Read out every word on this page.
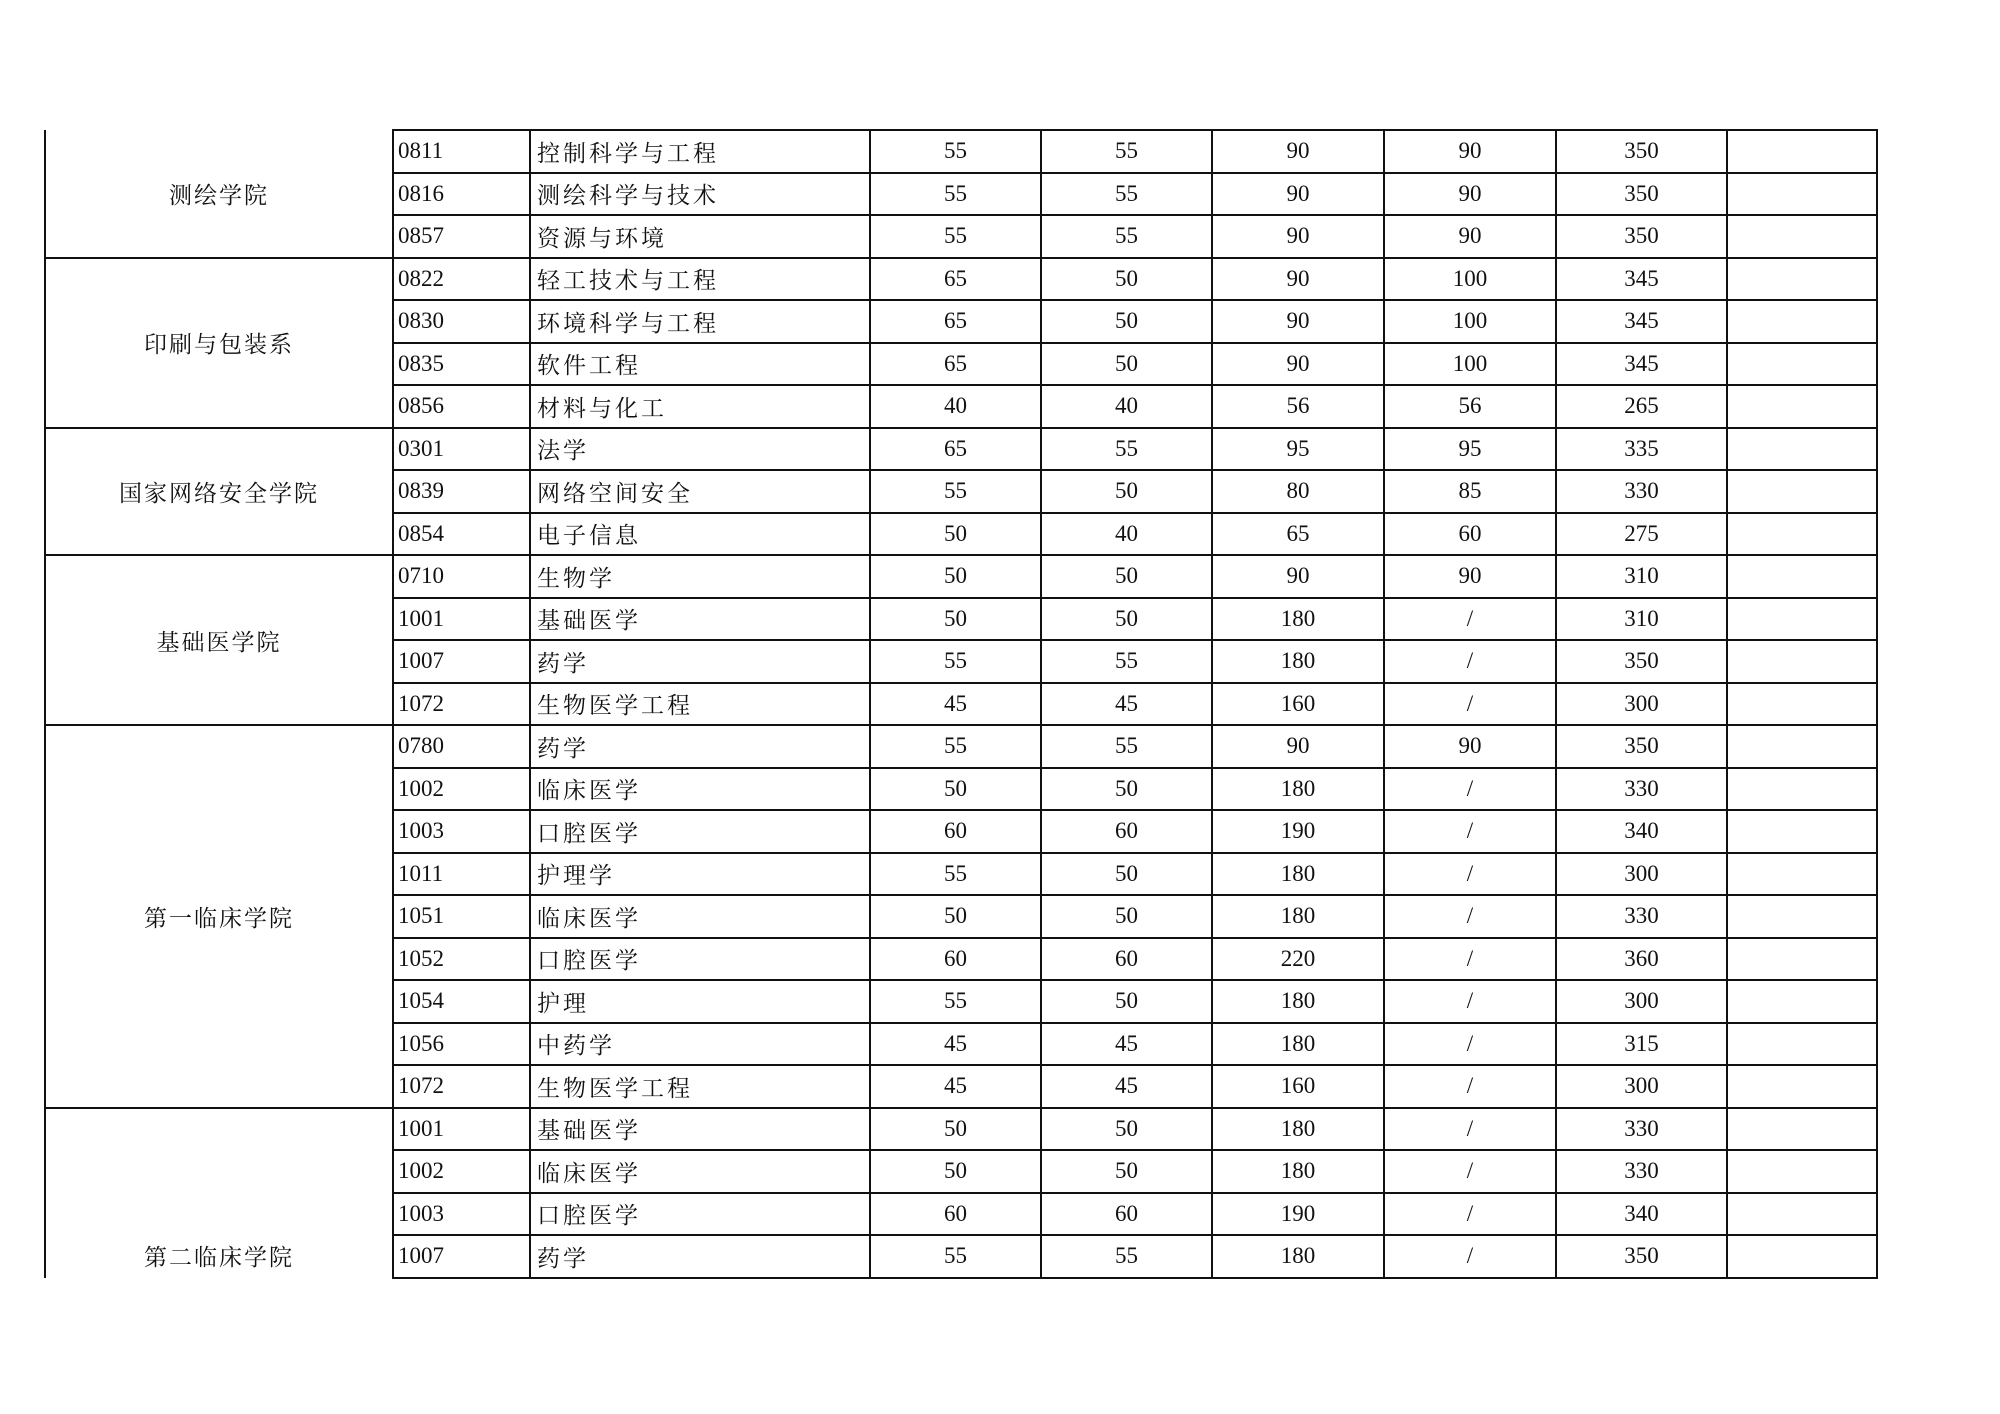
测绘学院	0811	控制科学与工程	55	55	90	90	350	
	0816	测绘科学与技术	55	55	90	90	350	
	0857	资源与环境	55	55	90	90	350	
印刷与包装系	0822	轻工技术与工程	65	50	90	100	345	
	0830	环境科学与工程	65	50	90	100	345	
	0835	软件工程	65	50	90	100	345	
	0856	材料与化工	40	40	56	56	265	
国家网络安全学院	0301	法学	65	55	95	95	335	
	0839	网络空间安全	55	50	80	85	330	
	0854	电子信息	50	40	65	60	275	
基础医学院	0710	生物学	50	50	90	90	310	
	1001	基础医学	50	50	180	/	310	
	1007	药学	55	55	180	/	350	
	1072	生物医学工程	45	45	160	/	300	
第一临床学院	0780	药学	55	55	90	90	350	
	1002	临床医学	50	50	180	/	330	
	1003	口腔医学	60	60	190	/	340	
	1011	护理学	55	50	180	/	300	
	1051	临床医学	50	50	180	/	330	
	1052	口腔医学	60	60	220	/	360	
	1054	护理	55	50	180	/	300	
	1056	中药学	45	45	180	/	315	
	1072	生物医学工程	45	45	160	/	300	
第二临床学院	1001	基础医学	50	50	180	/	330	
	1002	临床医学	50	50	180	/	330	
	1003	口腔医学	60	60	190	/	340	
	1007	药学	55	55	180	/	350	
